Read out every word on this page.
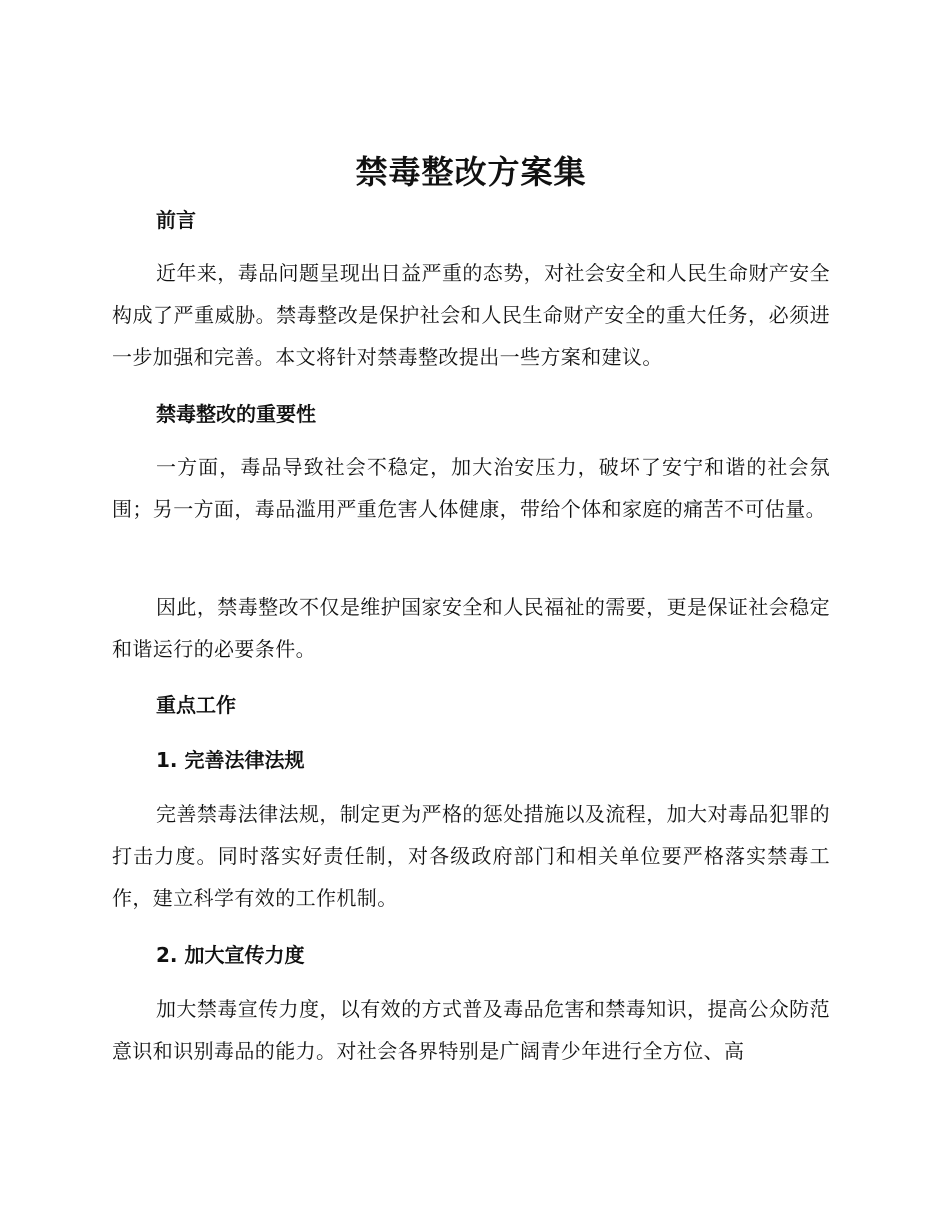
禁毒整改方案集
前言

近年来，毒品问题呈现出日益严重的态势，对社会安全和人民生命财产安全构成了严重威胁。禁毒整改是保护社会和人民生命财产安全的重大任务，必须进一步加强和完善。本文将针对禁毒整改提出一些方案和建议。

禁毒整改的重要性

一方面，毒品导致社会不稳定，加大治安压力，破坏了安宁和谐的社会氛围；另一方面，毒品滥用严重危害人体健康，带给个体和家庭的痛苦不可估量。

因此，禁毒整改不仅是维护国家安全和人民福祉的需要，更是保证社会稳定和谐运行的必要条件。

重点工作
1. 完善法律法规

完善禁毒法律法规，制定更为严格的惩处措施以及流程，加大对毒品犯罪的打击力度。同时落实好责任制，对各级政府部门和相关单位要严格落实禁毒工作，建立科学有效的工作机制。

2. 加大宣传力度

加大禁毒宣传力度，以有效的方式普及毒品危害和禁毒知识，提高公众防范意识和识别毒品的能力。对社会各界特别是广阔青少年进行全方位、高
